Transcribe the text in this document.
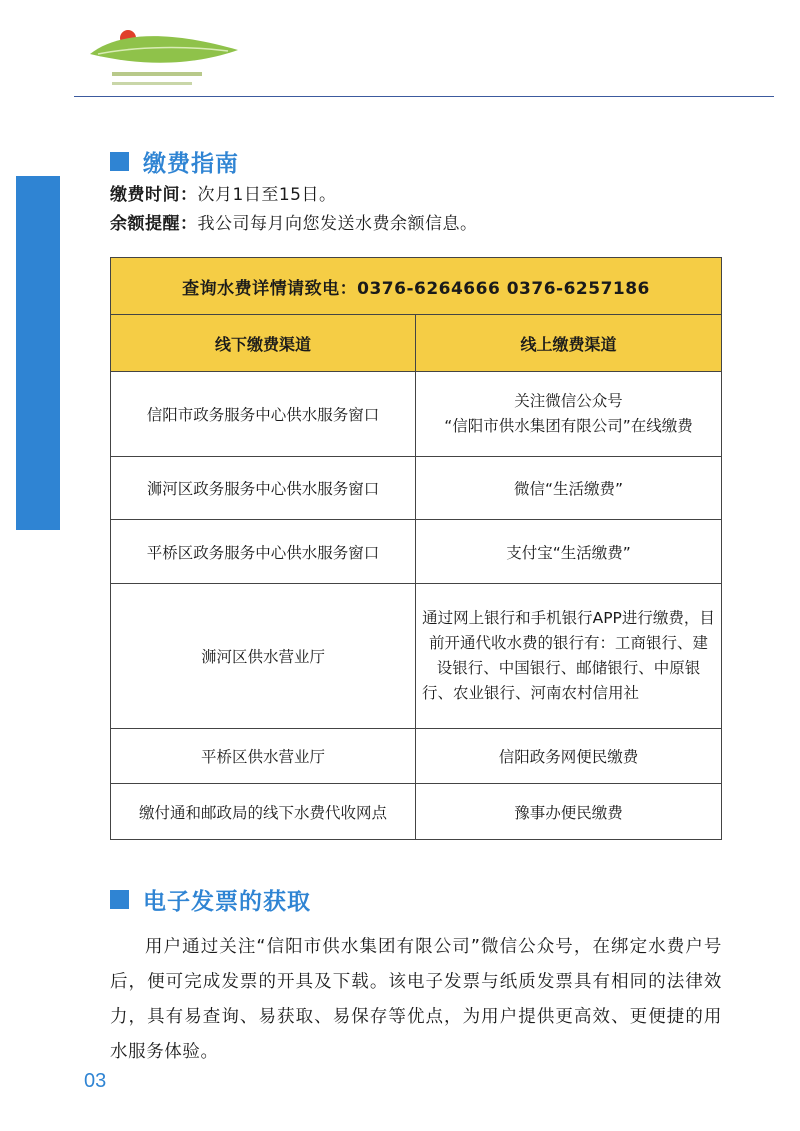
缴费指南
缴费时间：次月1日至15日。
余额提醒：我公司每月向您发送水费余额信息。
查询水费详情请致电：0376-6264666 0376-6257186	
线下缴费渠道	线上缴费渠道
信阳市政务服务中心供水服务窗口	关注微信公众号
“信阳市供水集团有限公司”在线缴费

浉河区政务服务中心供水服务窗口	微信“生活缴费”
平桥区政务服务中心供水服务窗口	支付宝“生活缴费”
浉河区供水营业厅	通过网上银行和手机银行APP进行缴费，目前开通代收水费的银行有：工商银行、建设银行、中国银行、邮储银行、中原银行、农业银行、河南农村信用社
平桥区供水营业厅	信阳政务网便民缴费
缴付通和邮政局的线下水费代收网点	豫事办便民缴费
电子发票的获取
用户通过关注“信阳市供水集团有限公司”微信公众号，在绑定水费户号后，便可完成发票的开具及下载。该电子发票与纸质发票具有相同的法律效力，具有易查询、易获取、易保存等优点，为用户提供更高效、更便捷的用水服务体验。
03
